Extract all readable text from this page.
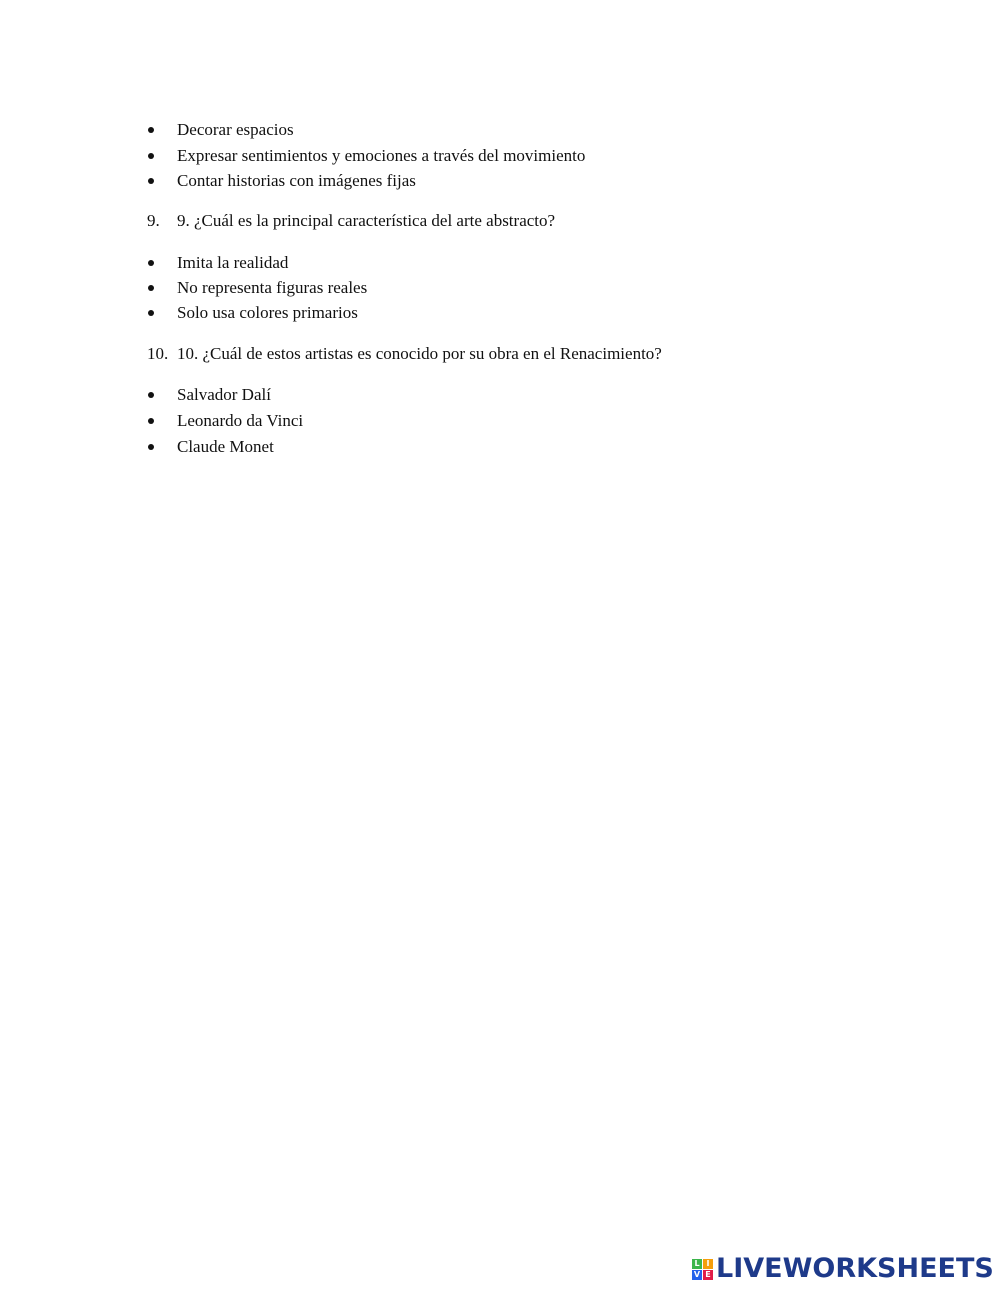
Decorar espacios
Expresar sentimientos y emociones a través del movimiento
Contar historias con imágenes fijas
9. 9. ¿Cuál es la principal característica del arte abstracto?
Imita la realidad
No representa figuras reales
Solo usa colores primarios
10. 10. ¿Cuál de estos artistas es conocido por su obra en el Renacimiento?
Salvador Dalí
Leonardo da Vinci
Claude Monet
L I
V E LIVEWORKSHEETS
